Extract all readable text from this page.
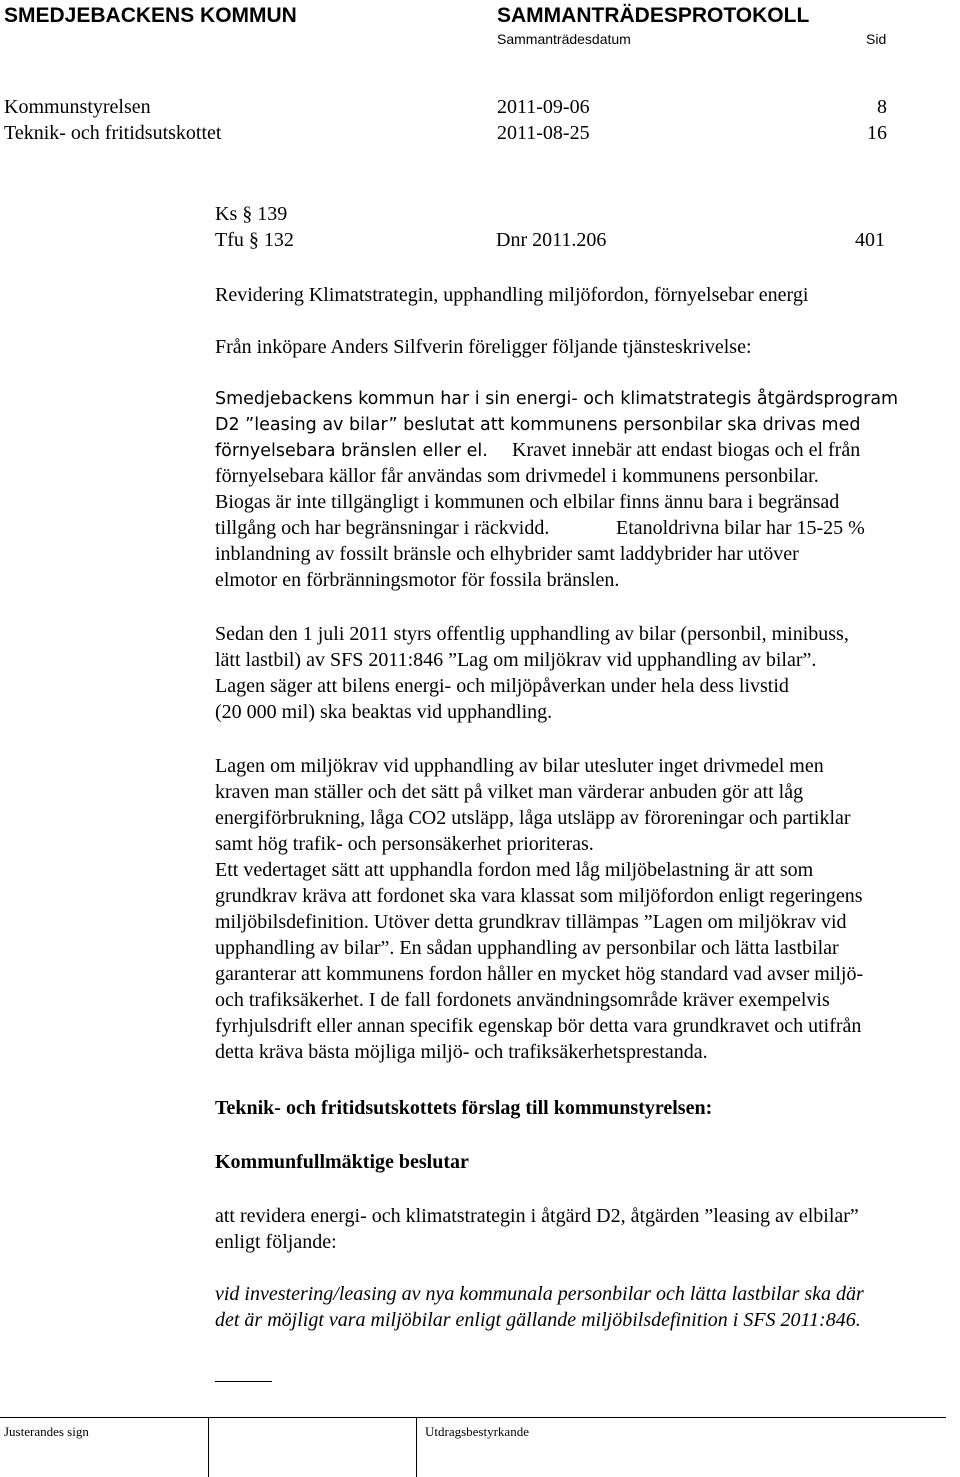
SMEDJEBACKENS KOMMUN	SAMMANTRÄDESPROTOKOLL
Sammanträdesdatum	Sid
Kommunstyrelsen	2011-09-06	8
Teknik- och fritidsutskottet	2011-08-25	16
Ks § 139
Tfu § 132	Dnr 2011.206	401
Revidering Klimatstrategin, upphandling miljöfordon, förnyelsebar energi
Från inköpare Anders Silfverin föreligger följande tjänsteskrivelse:
Smedjebackens kommun har i sin energi- och klimatstrategis åtgärdsprogram
D2 ”leasing av bilar” beslutat att kommunens personbilar ska drivas med
förnyelsebara bränslen eller el. Kravet innebär att endast biogas och el från
förnyelsebara källor får användas som drivmedel i kommunens personbilar.
Biogas är inte tillgängligt i kommunen och elbilar finns ännu bara i begränsad
tillgång och har begränsningar i räckvidd.	Etanoldrivna bilar har 15-25 %
inblandning av fossilt bränsle och elhybrider samt laddybrider har utöver
elmotor en förbränningsmotor för fossila bränslen.
Sedan den 1 juli 2011 styrs offentlig upphandling av bilar (personbil, minibuss,
lätt lastbil) av SFS 2011:846 ”Lag om miljökrav vid upphandling av bilar”.
Lagen säger att bilens energi- och miljöpåverkan under hela dess livstid
(20 000 mil) ska beaktas vid upphandling.
Lagen om miljökrav vid upphandling av bilar utesluter inget drivmedel men
kraven man ställer och det sätt på vilket man värderar anbuden gör att låg
energiförbrukning, låga CO2 utsläpp, låga utsläpp av föroreningar och partiklar
samt hög trafik- och personsäkerhet prioriteras.
Ett vedertaget sätt att upphandla fordon med låg miljöbelastning är att som
grundkrav kräva att fordonet ska vara klassat som miljöfordon enligt regeringens
miljöbilsdefinition. Utöver detta grundkrav tillämpas ”Lagen om miljökrav vid
upphandling av bilar”. En sådan upphandling av personbilar och lätta lastbilar
garanterar att kommunens fordon håller en mycket hög standard vad avser miljö-
och trafiksäkerhet. I de fall fordonets användningsområde kräver exempelvis
fyrhjulsdrift eller annan specifik egenskap bör detta vara grundkravet och utifrån
detta kräva bästa möjliga miljö- och trafiksäkerhetsprestanda.
Teknik- och fritidsutskottets förslag till kommunstyrelsen:
Kommunfullmäktige beslutar
att revidera energi- och klimatstrategin i åtgärd D2, åtgärden ”leasing av elbilar”
enligt följande:
vid investering/leasing av nya kommunala personbilar och lätta lastbilar ska där
det är möjligt vara miljöbilar enligt gällande miljöbilsdefinition i SFS 2011:846.
Justerandes sign	Utdragsbestyrkande
